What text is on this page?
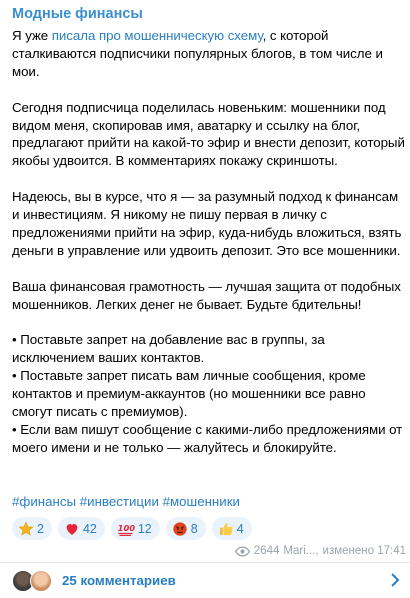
Модные финансы

Я уже писала про мошенническую схему, с которой сталкиваются подписчики популярных блогов, в том числе и мои.

Сегодня подписчица поделилась новеньким: мошенники под видом меня, скопировав имя, аватарку и ссылку на блог, предлагают прийти на какой-то эфир и внести депозит, который якобы удвоится. В комментариях покажу скриншоты.

Надеюсь, вы в курсе, что я — за разумный подход к финансам и инвестициям. Я никому не пишу первая в личку с предложениями прийти на эфир, куда-нибудь вложиться, взять деньги в управление или удвоить депозит. Это все мошенники.

Ваша финансовая грамотность — лучшая защита от подобных мошенников. Легких денег не бывает. Будьте бдительны!

• Поставьте запрет на добавление вас в группы, за исключением ваших контактов.
• Поставьте запрет писать вам личные сообщения, кроме контактов и премиум-аккаунтов (но мошенники все равно смогут писать с премиумов).
• Если вам пишут сообщение с какими-либо предложениями от моего имени и не только — жалуйтесь и блокируйте.
#финансы #инвестиции #мошенники
2	42 100 12	8	4
2644 Mari..., изменено 17:41
25 комментариев
